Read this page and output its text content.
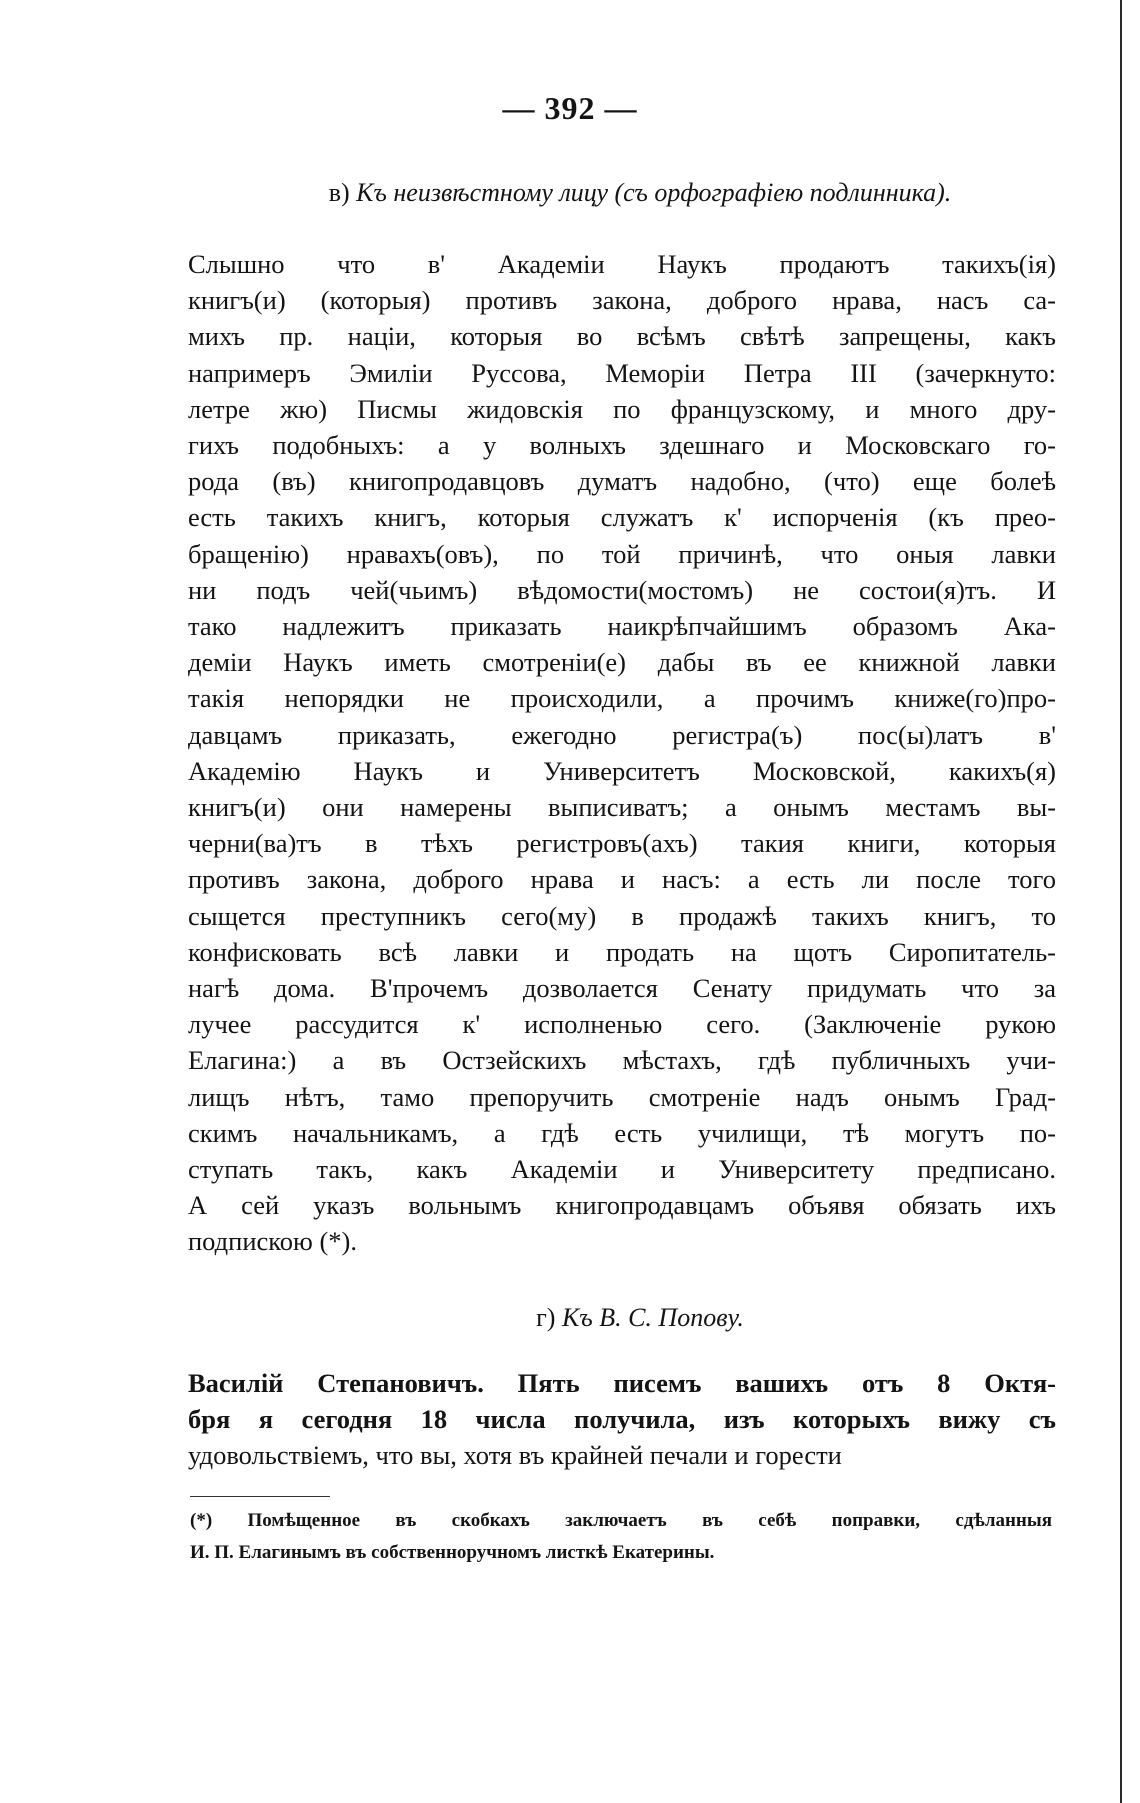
— 392 —
в) Къ неизвѣстному лицу (съ орфографіею подлинника).
Слышно что в' Академіи Наукъ продаютъ такихъ(ія)
книгъ(и) (которыя) противъ закона, доброго нрава, насъ са-
михъ пр. націи, которыя во всѣмъ свѣтѣ запрещены, какъ
напримеръ Эмиліи Руссова, Меморіи Петра III (зачеркнуто:
летре жю) Писмы жидовскія по французскому, и много дру-
гихъ подобныхъ: а у волныхъ здешнаго и Московскаго го-
рода (въ) книгопродавцовъ думатъ надобно, (что) еще болеѣ
есть такихъ книгъ, которыя служатъ к' испорченія (къ прео-
бращенію) нравахъ(овъ), по той причинѣ, что оныя лавки
ни подъ чей(чьимъ) вѣдомости(мостомъ) не состои(я)тъ. И
тако надлежитъ приказать наикрѣпчайшимъ образомъ Ака-
деміи Наукъ иметь смотреніи(е) дабы въ ее книжной лавки
такія непорядки не происходили, а прочимъ книже(го)про-
давцамъ приказать, ежегодно регистра(ъ) пос(ы)латъ в'
Академію Наукъ и Университетъ Московской, какихъ(я)
книгъ(и) они намерены выписиватъ; а онымъ местамъ вы-
черни(ва)тъ в тѣхъ регистровъ(ахъ) такия книги, которыя
противъ закона, доброго нрава и насъ: а есть ли после того
сыщется преступникъ сего(му) в продажѣ такихъ книгъ, то
конфисковать всѣ лавки и продать на щотъ Сиропитатель-
нагѣ дома. В'прочемъ дозволается Сенату придумать что за
лучее рассудится к' исполненью сего. (Заключеніе рукою
Елагина:) а въ Остзейскихъ мѣстахъ, гдѣ публичныхъ учи-
лищъ нѣтъ, тамо препоручить смотреніе надъ онымъ Град-
скимъ начальникамъ, а гдѣ есть училищи, тѣ могутъ по-
ступать такъ, какъ Академіи и Университету предписано.
А сей указъ вольнымъ книгопродавцамъ объявя обязать ихъ
подпискою (*).
г) Къ В. С. Попову.
Василій Степановичъ. Пять писемъ вашихъ отъ 8 Октя-
бря я сегодня 18 числа получила, изъ которыхъ вижу съ
удовольствіемъ, что вы, хотя въ крайней печали и горести
(*) Помѣщенное въ скобкахъ заключаетъ въ себѣ поправки, сдѣланныя
И. П. Елагинымъ въ собственноручномъ листкѣ Екатерины.
